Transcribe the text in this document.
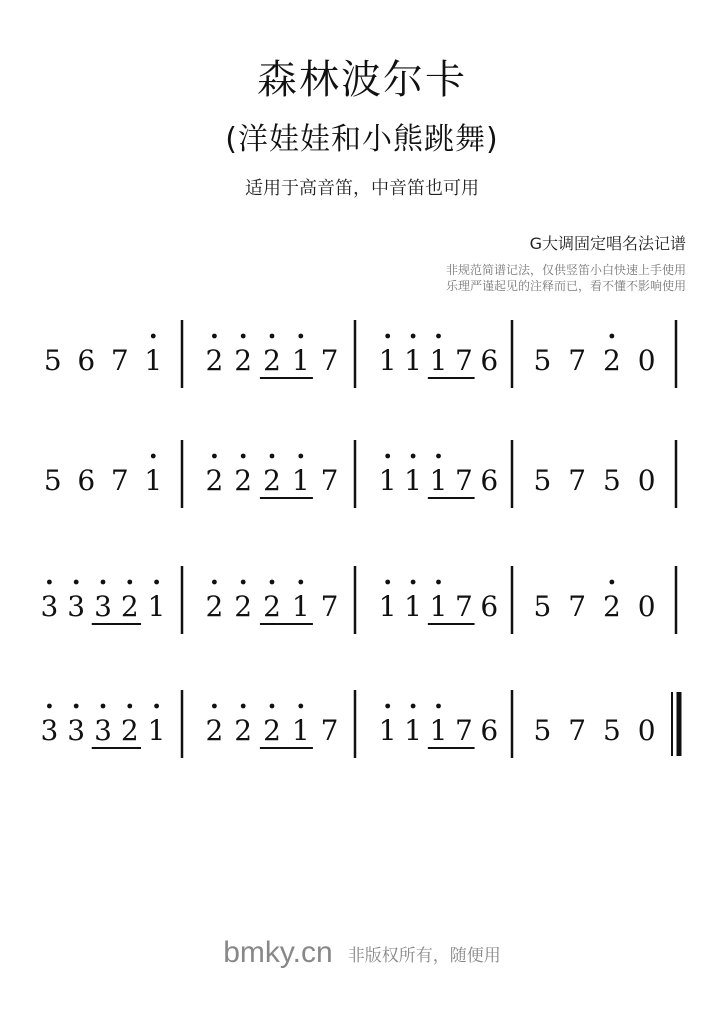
森林波尔卡
(洋娃娃和小熊跳舞)
适用于高音笛，中音笛也可用
G大调固定唱名法记谱
非规范简谱记法，仅供竖笛小白快速上手使用
乐理严谨起见的注释而已，看不懂不影响使用
5 6 7 1 2 2 2 1 7 1 1 1 7 6 5 7 2 0
5 6 7 1 2 2 2 1 7 1 1 1 7 6 5 7 5 0
3 3 3 2 1 2 2 2 1 7 1 1 1 7 6 5 7 2 0
3 3 3 2 1 2 2 2 1 7 1 1 1 7 6 5 7 5 0
bmky.cn 非版权所有，随便用
